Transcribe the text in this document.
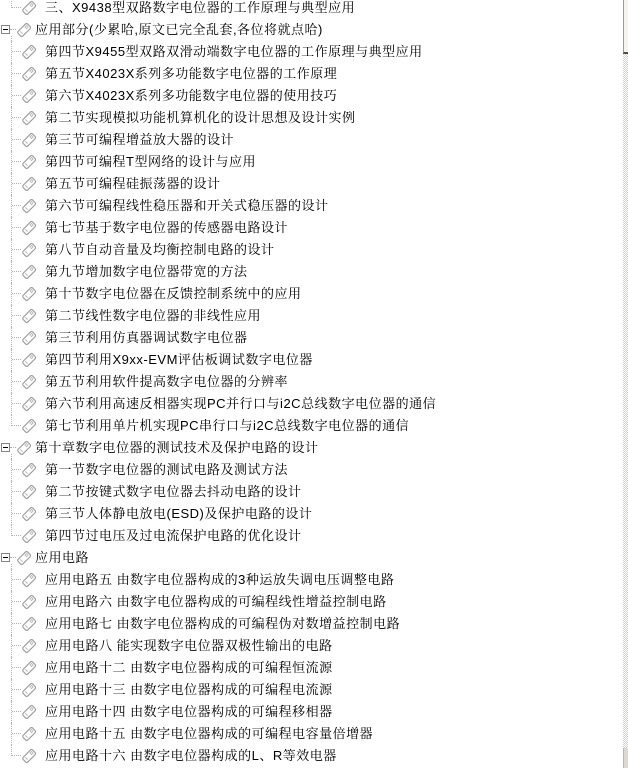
三、X9438型双路数字电位器的工作原理与典型应用
应用部分(少累哈,原文已完全乱套,各位将就点哈)
第四节X9455型双路双滑动端数字电位器的工作原理与典型应用
第五节X4023X系列多功能数字电位器的工作原理
第六节X4023X系列多功能数字电位器的使用技巧
第二节实现模拟功能机算机化的设计思想及设计实例
第三节可编程增益放大器的设计
第四节可编程T型网络的设计与应用
第五节可编程硅振荡器的设计
第六节可编程线性稳压器和开关式稳压器的设计
第七节基于数字电位器的传感器电路设计
第八节自动音量及均衡控制电路的设计
第九节增加数字电位器带宽的方法
第十节数字电位器在反馈控制系统中的应用
第二节线性数字电位器的非线性应用
第三节利用仿真器调试数字电位器
第四节利用X9xx-EVM评估板调试数字电位器
第五节利用软件提高数字电位器的分辨率
第六节利用高速反相器实现PC并行口与i2C总线数字电位器的通信
第七节利用单片机实现PC串行口与i2C总线数字电位器的通信
第十章数字电位器的测试技术及保护电路的设计
第一节数字电位器的测试电路及测试方法
第二节按键式数字电位器去抖动电路的设计
第三节人体静电放电(ESD)及保护电路的设计
第四节过电压及过电流保护电路的优化设计
应用电路
应用电路五 由数字电位器构成的3种运放失调电压调整电路
应用电路六 由数字电位器构成的可编程线性增益控制电路
应用电路七 由数字电位器构成的可编程伪对数增益控制电路
应用电路八 能实现数字电位器双极性输出的电路
应用电路十二 由数字电位器构成的可编程恒流源
应用电路十三 由数字电位器构成的可编程电流源
应用电路十四 由数字电位器构成的可编程移相器
应用电路十五 由数字电位器构成的可编程电容量倍增器
应用电路十六 由数字电位器构成的L、R等效电器
